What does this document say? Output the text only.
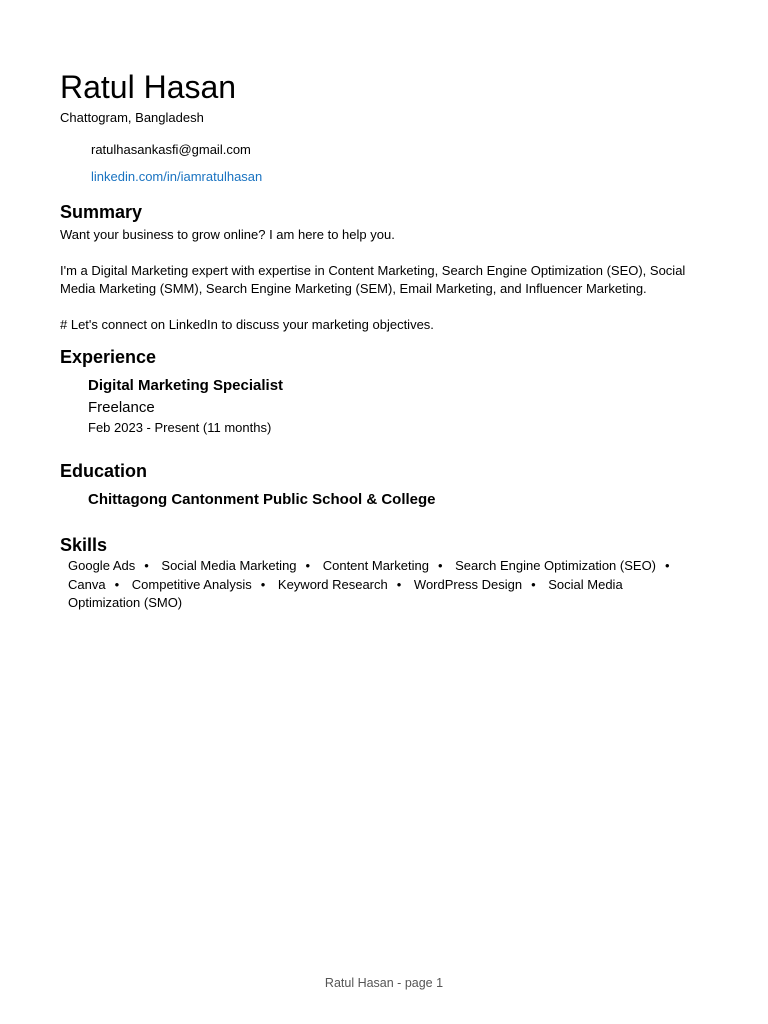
Ratul Hasan
Chattogram, Bangladesh
ratulhasankasfi@gmail.com
linkedin.com/in/iamratulhasan
Summary
Want your business to grow online? I am here to help you.
I'm a Digital Marketing expert with expertise in Content Marketing, Search Engine Optimization (SEO), Social Media Marketing (SMM), Search Engine Marketing (SEM), Email Marketing, and Influencer Marketing.
# Let's connect on LinkedIn to discuss your marketing objectives.
Experience
Digital Marketing Specialist
Freelance
Feb 2023 - Present (11 months)
Education
Chittagong Cantonment Public School & College
Skills
Google Ads • Social Media Marketing • Content Marketing • Search Engine Optimization (SEO) • Canva • Competitive Analysis • Keyword Research • WordPress Design • Social Media Optimization (SMO)
Ratul Hasan - page 1
